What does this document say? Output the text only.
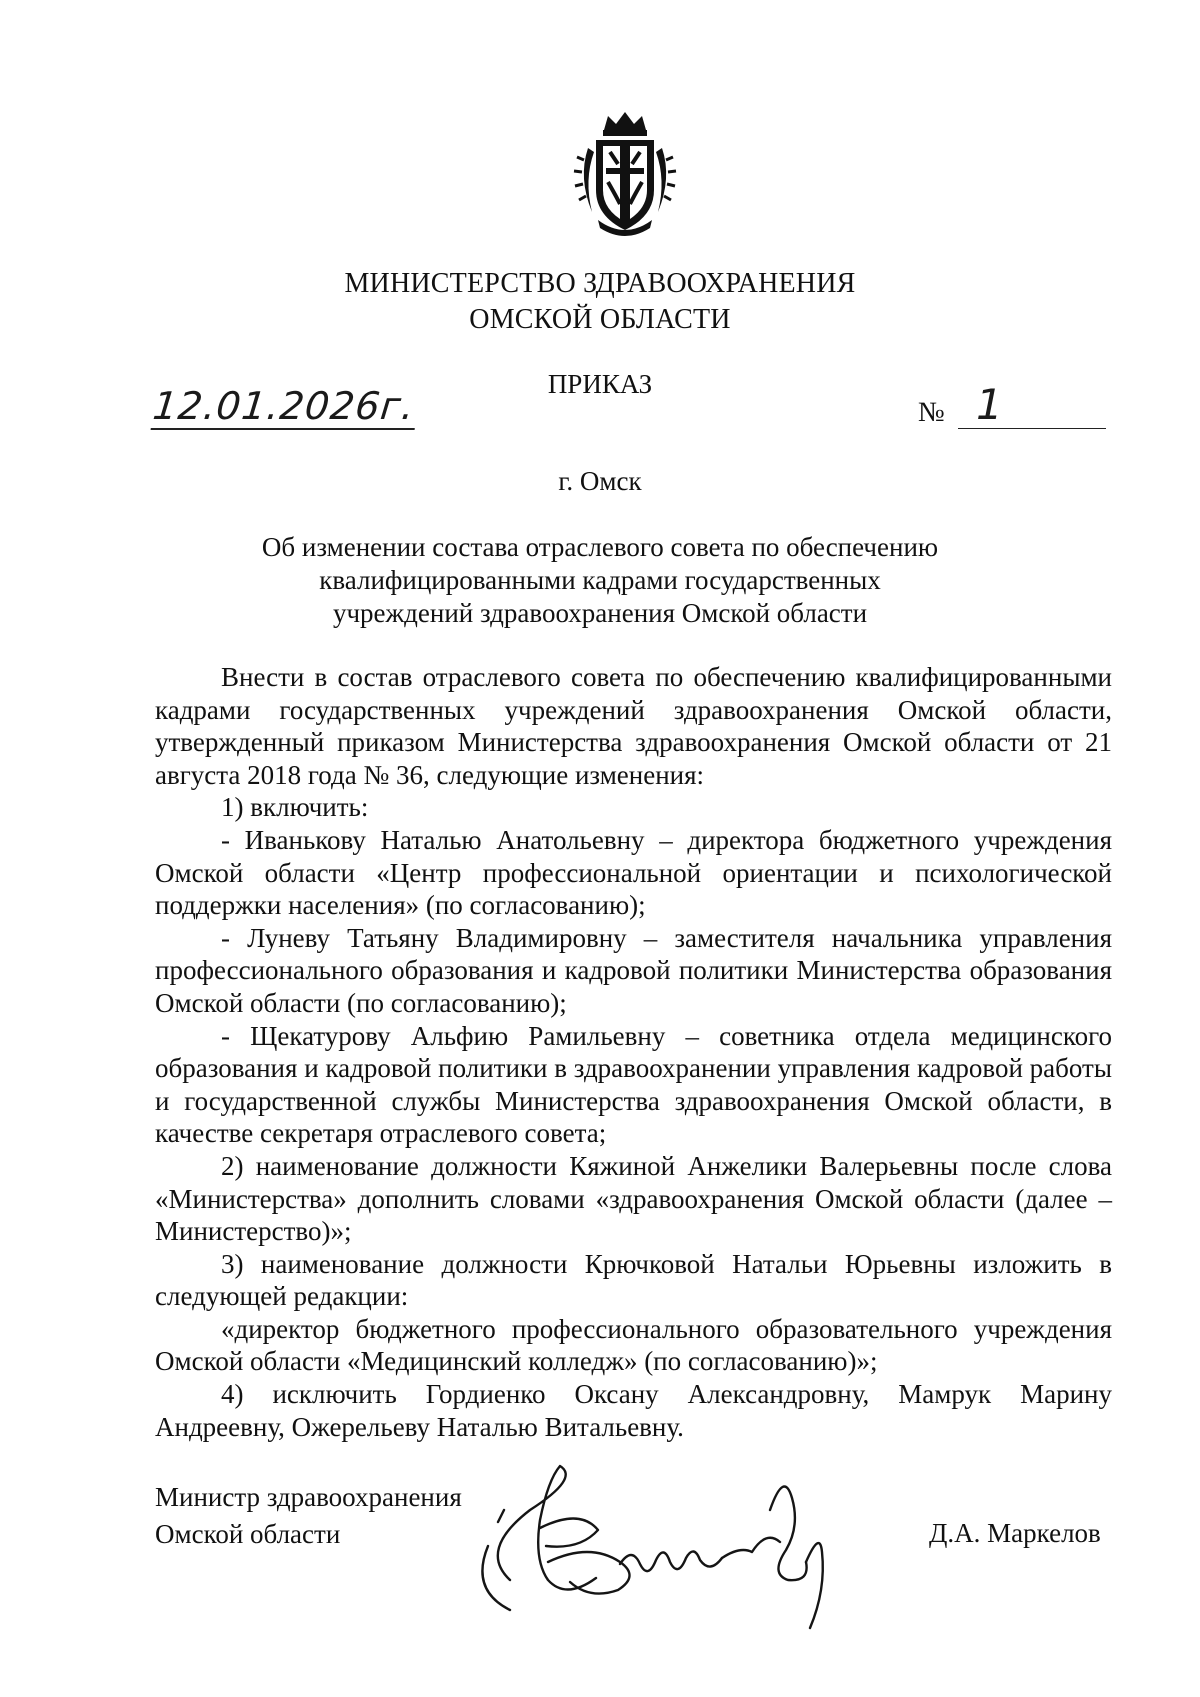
МИНИСТЕРСТВО ЗДРАВООХРАНЕНИЯ
ОМСКОЙ ОБЛАСТИ
ПРИКАЗ
12.01.2026г.	№ 1
г. Омск
Об изменении состава отраслевого совета по обеспечению
квалифицированными кадрами государственных
учреждений здравоохранения Омской области

Внести в состав отраслевого совета по обеспечению квалифицированными кадрами государственных учреждений здравоохранения Омской области, утвержденный приказом Министерства здравоохранения Омской области от 21 августа 2018 года № 36, следующие изменения:

1) включить:

- Иванькову Наталью Анатольевну – директора бюджетного учреждения Омской области «Центр профессиональной ориентации и психологической поддержки населения» (по согласованию);

- Луневу Татьяну Владимировну – заместителя начальника управления профессионального образования и кадровой политики Министерства образования Омской области (по согласованию);

- Щекатурову Альфию Рамильевну – советника отдела медицинского образования и кадровой политики в здравоохранении управления кадровой работы и государственной службы Министерства здравоохранения Омской области, в качестве секретаря отраслевого совета;

2) наименование должности Кяжиной Анжелики Валерьевны после слова «Министерства» дополнить словами «здравоохранения Омской области (далее – Министерство)»;

3) наименование должности Крючковой Натальи Юрьевны изложить в следующей редакции:

«директор бюджетного профессионального образовательного учреждения Омской области «Медицинский колледж» (по согласованию)»;

4) исключить Гордиенко Оксану Александровну, Мамрук Марину Андреевну, Ожерельеву Наталью Витальевну.

Министр здравоохранения
Омской области	Д.А. Маркелов
